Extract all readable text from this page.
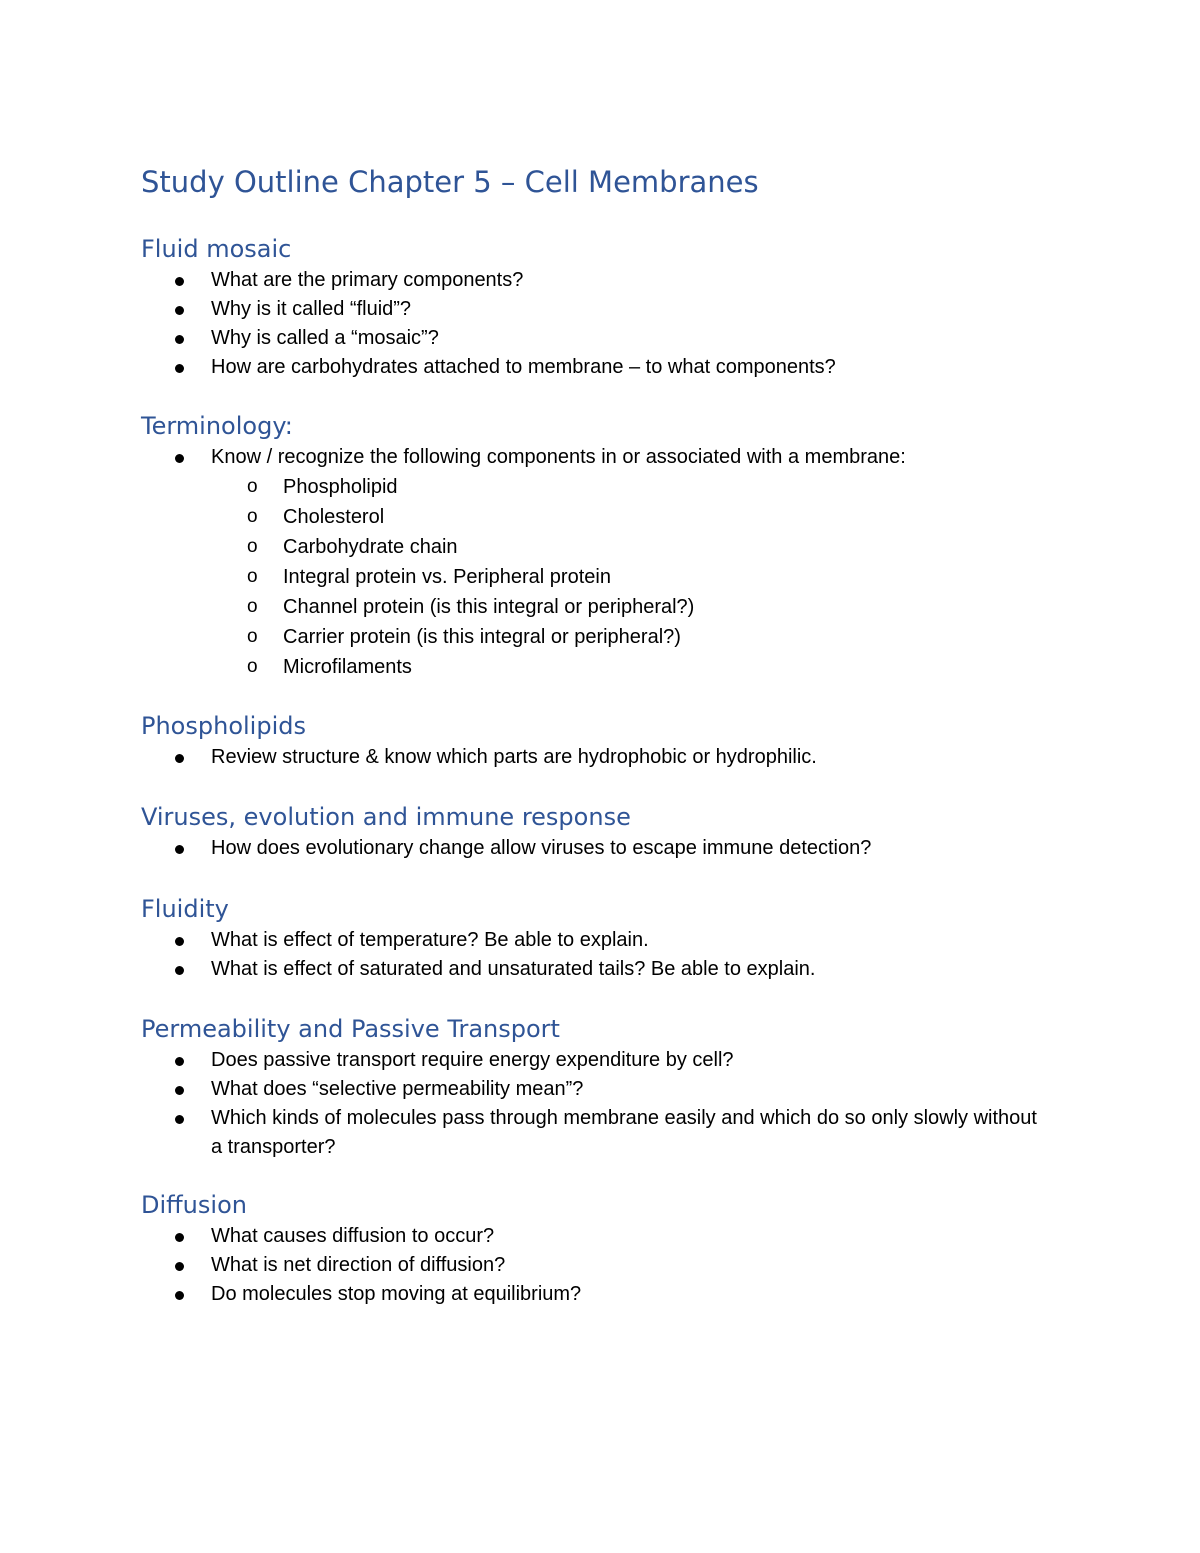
Study Outline Chapter 5 – Cell Membranes
Fluid mosaic
What are the primary components?
Why is it called “fluid”?
Why is called a “mosaic”?
How are carbohydrates attached to membrane – to what components?
Terminology:
Know / recognize the following components in or associated with a membrane:
o Phospholipid
o Cholesterol
o Carbohydrate chain
o Integral protein vs. Peripheral protein
o Channel protein (is this integral or peripheral?)
o Carrier protein (is this integral or peripheral?)
o Microfilaments
Phospholipids
Review structure & know which parts are hydrophobic or hydrophilic.
Viruses, evolution and immune response
How does evolutionary change allow viruses to escape immune detection?
Fluidity
What is effect of temperature? Be able to explain.
What is effect of saturated and unsaturated tails? Be able to explain.
Permeability and Passive Transport
Does passive transport require energy expenditure by cell?
What does “selective permeability mean”?
Which kinds of molecules pass through membrane easily and which do so only slowly without a transporter?
Diffusion
What causes diffusion to occur?
What is net direction of diffusion?
Do molecules stop moving at equilibrium?
